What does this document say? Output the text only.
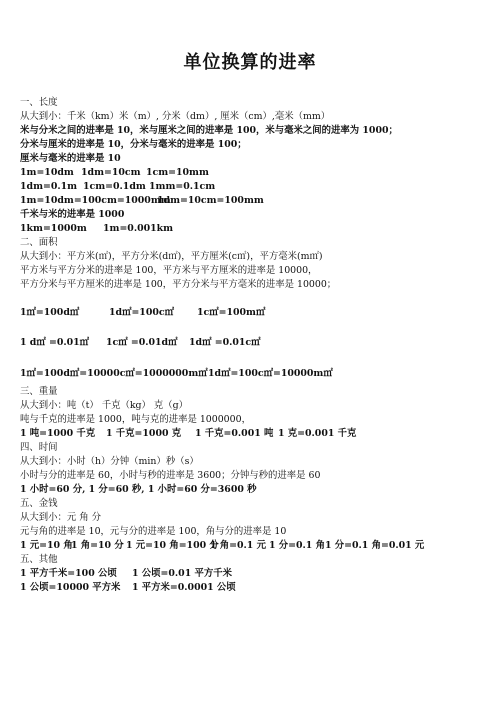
单位换算的进率
一、长度
从大到小：千米（km）米（m）, 分米（dm）, 厘米（cm）,毫米（mm）
米与分米之间的进率是 10，米与厘米之间的进率是 100，米与毫米之间的进率为 1000；
分米与厘米的进率是 10，分米与毫米的进率是 100；
厘米与毫米的进率是 10
1m=10dm 1dm=10cm 1cm=10mm
1dm=0.1m 1cm=0.1dm 1mm=0.1cm
1m=10dm=100cm=1000mm
1dm=10cm=100mm
千米与米的进率是 1000
1km=1000m 1m=0.001km
二、面积
从大到小：平方米(㎡)，平方分米(d㎡)，平方厘米(c㎡)，平方毫米(m㎡)
平方米与平方分米的进率是 100，平方米与平方厘米的进率是 10000，
平方分米与平方厘米的进率是 100，平方分米与平方毫米的进率是 10000；
1㎡=100d㎡	1d㎡=100c㎡ 1c㎡=100m㎡
1 d㎡ =0.01㎡ 1c㎡ =0.01d㎡ 1d㎡ =0.01c㎡
1㎡=100d㎡=10000c㎡=1000000m㎡ 1d㎡=100c㎡=10000m㎡
三、重量
从大到小：吨（t） 千克（kg） 克（g）
吨与千克的进率是 1000，吨与克的进率是 1000000，
1 吨=1000 千克 1 千克=1000 克 1 千克=0.001 吨 1 克=0.001 千克
四、时间
从大到小：小时（h）分钟（min）秒（s）
小时与分的进率是 60，小时与秒的进率是 3600；分钟与秒的进率是 60
1 小时=60 分, 1 分=60 秒, 1 小时=60 分=3600 秒
五、金钱
从大到小：元 角 分
元与角的进率是 10，元与分的进率是 100，角与分的进率是 10
1 元=10 角
1 角=10 分 1 元=10 角=100 分
1 角=0.1 元 1 分=0.1 角 1 分=0.1 角=0.01 元
五、其他
1 平方千米=100 公顷 1 公顷=0.01 平方千米
1 公顷=10000 平方米 1 平方米=0.0001 公顷
